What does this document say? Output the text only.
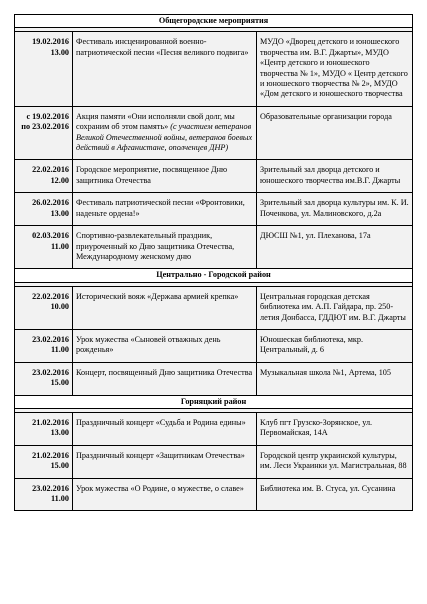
Общегородские мероприятия		

19.02.2016
13.00	Фестиваль инсценированной военно-патриотической песни «Песня великого подвига»	МУДО «Дворец детского и юношеского творчества им. В.Г. Джарты», МУДО «Центр детского и юношеского творчества № 1», МУДО « Центр детского и юношеского творчества № 2», МУДО «Дом детского и юношеского творчества

с 19.02.2016
по 23.02.2016	Акция памяти «Они исполняли свой долг, мы сохраним об этом память» (с участием ветеранов Великой Отечественной войны, ветеранов боевых действий в Афганистане, ополченцев ДНР)	Образовательные организации города

22.02.2016
12.00	Городское мероприятие, посвященное Дню защитника Отечества	Зрительный зал дворца детского и юношеского творчества им.В.Г. Джарты

26.02.2016
13.00	Фестиваль патриотической песни «Фронтовики, наденьте ордена!»	Зрительный зал дворца культуры им. К. И. Поченкова, ул. Малиновского, д.2а

02.03.2016
11.00	Спортивно-развлекательный праздник, приуроченный ко Дню защитника Отечества, Международному женскому дню	ДЮСШ №1, ул. Плеханова, 17а
Центрально - Городской район		

22.02.2016
10.00	Исторический вояж «Держава армией крепка»	Центральная городская детская библиотека им. А.П. Гайдара, пр. 250-летия Донбасса, ГДДЮТ им. В.Г. Джарты

23.02.2016
11.00	Урок мужества «Сыновей отважных день рожденья»	Юношеская библиотека, мкр. Центральный, д. 6

23.02.2016
15.00	Концерт, посвященный Дню защитника Отечества	Музыкальная школа №1, Артема, 105
Горняцкий район		

21.02.2016
13.00	Праздничный концерт «Судьба и Родина едины»	Клуб пгт Грузско-Зорянское, ул. Первомайская, 14А

21.02.2016
15.00	Праздничный концерт «Защитникам Отечества»	Городской центр украинской культуры, им. Леси Украинки ул. Магистральная, 88

23.02.2016
11.00	Урок мужества «О Родине, о мужестве, о славе»	Библиотека им. В. Стуса, ул. Сусанина
